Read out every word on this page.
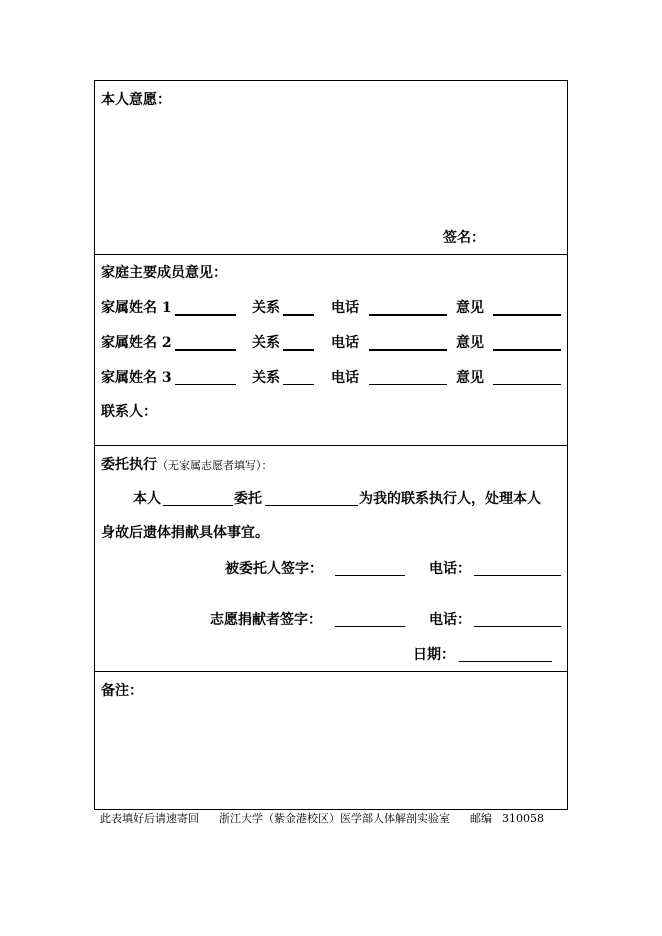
本人意愿：
签名：
家庭主要成员意见：
家属姓名 1	关系	电话	意见
家属姓名 2	关系	电话	意见
家属姓名 3	关系	电话	意见
联系人：
委托执行（无家属志愿者填写）：
本人	委托	为我的联系执行人，处理本人
身故后遗体捐献具体事宜。
被委托人签字：	电话：
志愿捐献者签字：	电话：
日期：
备注：
此表填好后请速寄回 浙江大学（紫金港校区）医学部人体解剖实验室 邮编 310058
